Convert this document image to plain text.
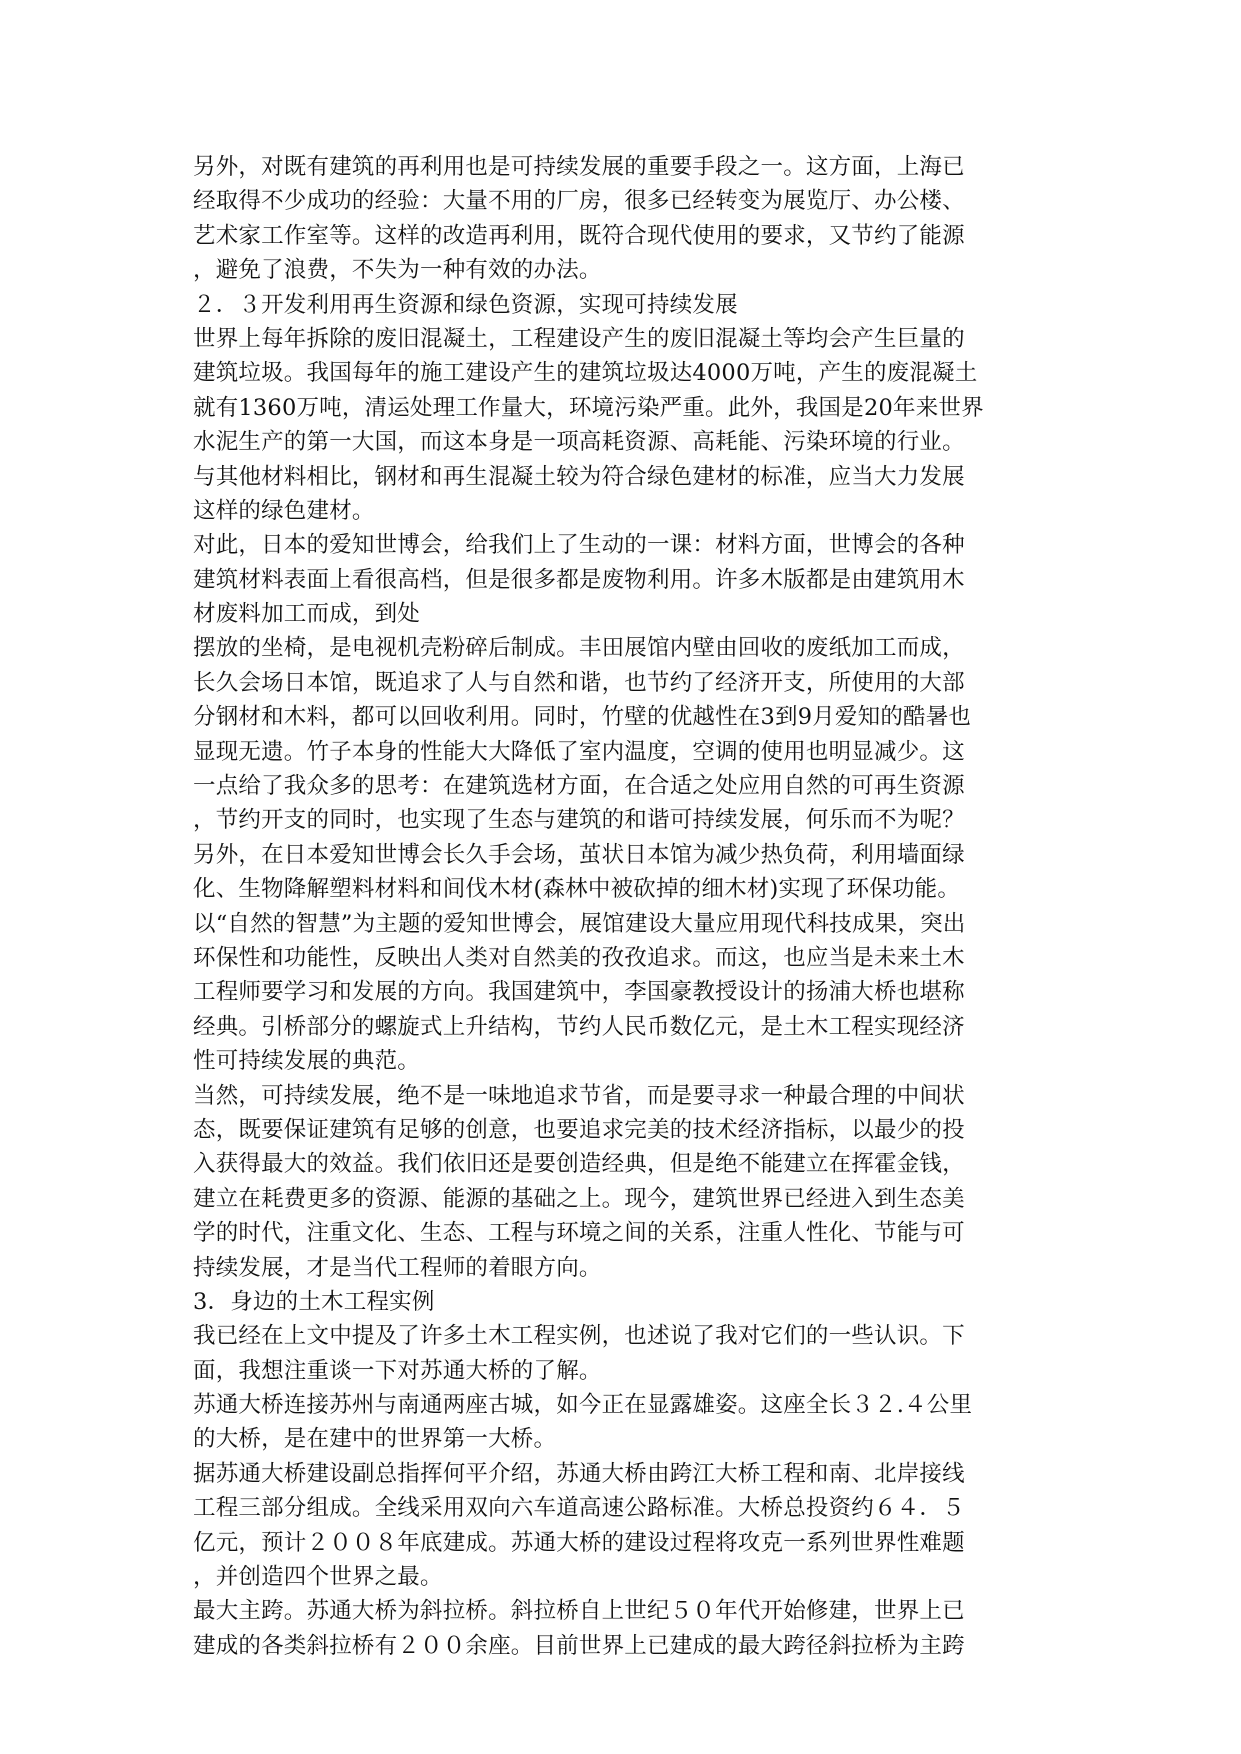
另外，对既有建筑的再利用也是可持续发展的重要手段之一。这方面，上海已
经取得不少成功的经验：大量不用的厂房，很多已经转变为展览厅、办公楼、
艺术家工作室等。这样的改造再利用，既符合现代使用的要求，又节约了能源
，避免了浪费，不失为一种有效的办法。
２．３开发利用再生资源和绿色资源，实现可持续发展
世界上每年拆除的废旧混凝土，工程建设产生的废旧混凝土等均会产生巨量的
建筑垃圾。我国每年的施工建设产生的建筑垃圾达4000万吨，产生的废混凝土
就有1360万吨，清运处理工作量大，环境污染严重。此外，我国是20年来世界
水泥生产的第一大国，而这本身是一项高耗资源、高耗能、污染环境的行业。
与其他材料相比，钢材和再生混凝土较为符合绿色建材的标准，应当大力发展
这样的绿色建材。
对此，日本的爱知世博会，给我们上了生动的一课：材料方面，世博会的各种
建筑材料表面上看很高档，但是很多都是废物利用。许多木版都是由建筑用木
材废料加工而成，到处
摆放的坐椅，是电视机壳粉碎后制成。丰田展馆内壁由回收的废纸加工而成，
长久会场日本馆，既追求了人与自然和谐，也节约了经济开支，所使用的大部
分钢材和木料，都可以回收利用。同时，竹壁的优越性在3到9月爱知的酷暑也
显现无遗。竹子本身的性能大大降低了室内温度，空调的使用也明显减少。这
一点给了我众多的思考：在建筑选材方面，在合适之处应用自然的可再生资源
，节约开支的同时，也实现了生态与建筑的和谐可持续发展，何乐而不为呢？
另外，在日本爱知世博会长久手会场，茧状日本馆为减少热负荷，利用墙面绿
化、生物降解塑料材料和间伐木材(森林中被砍掉的细木材)实现了环保功能。
以“自然的智慧”为主题的爱知世博会，展馆建设大量应用现代科技成果，突出
环保性和功能性，反映出人类对自然美的孜孜追求。而这，也应当是未来土木
工程师要学习和发展的方向。我国建筑中，李国豪教授设计的扬浦大桥也堪称
经典。引桥部分的螺旋式上升结构，节约人民币数亿元，是土木工程实现经济
性可持续发展的典范。
当然，可持续发展，绝不是一味地追求节省，而是要寻求一种最合理的中间状
态，既要保证建筑有足够的创意，也要追求完美的技术经济指标，以最少的投
入获得最大的效益。我们依旧还是要创造经典，但是绝不能建立在挥霍金钱，
建立在耗费更多的资源、能源的基础之上。现今，建筑世界已经进入到生态美
学的时代，注重文化、生态、工程与环境之间的关系，注重人性化、节能与可
持续发展，才是当代工程师的着眼方向。
3．身边的土木工程实例
我已经在上文中提及了许多土木工程实例，也述说了我对它们的一些认识。下
面，我想注重谈一下对苏通大桥的了解。
苏通大桥连接苏州与南通两座古城，如今正在显露雄姿。这座全长３２.４公里
的大桥，是在建中的世界第一大桥。
据苏通大桥建设副总指挥何平介绍，苏通大桥由跨江大桥工程和南、北岸接线
工程三部分组成。全线采用双向六车道高速公路标准。大桥总投资约６４．５
亿元，预计２００８年底建成。苏通大桥的建设过程将攻克一系列世界性难题
，并创造四个世界之最。
最大主跨。苏通大桥为斜拉桥。斜拉桥自上世纪５０年代开始修建，世界上已
建成的各类斜拉桥有２００余座。目前世界上已建成的最大跨径斜拉桥为主跨
